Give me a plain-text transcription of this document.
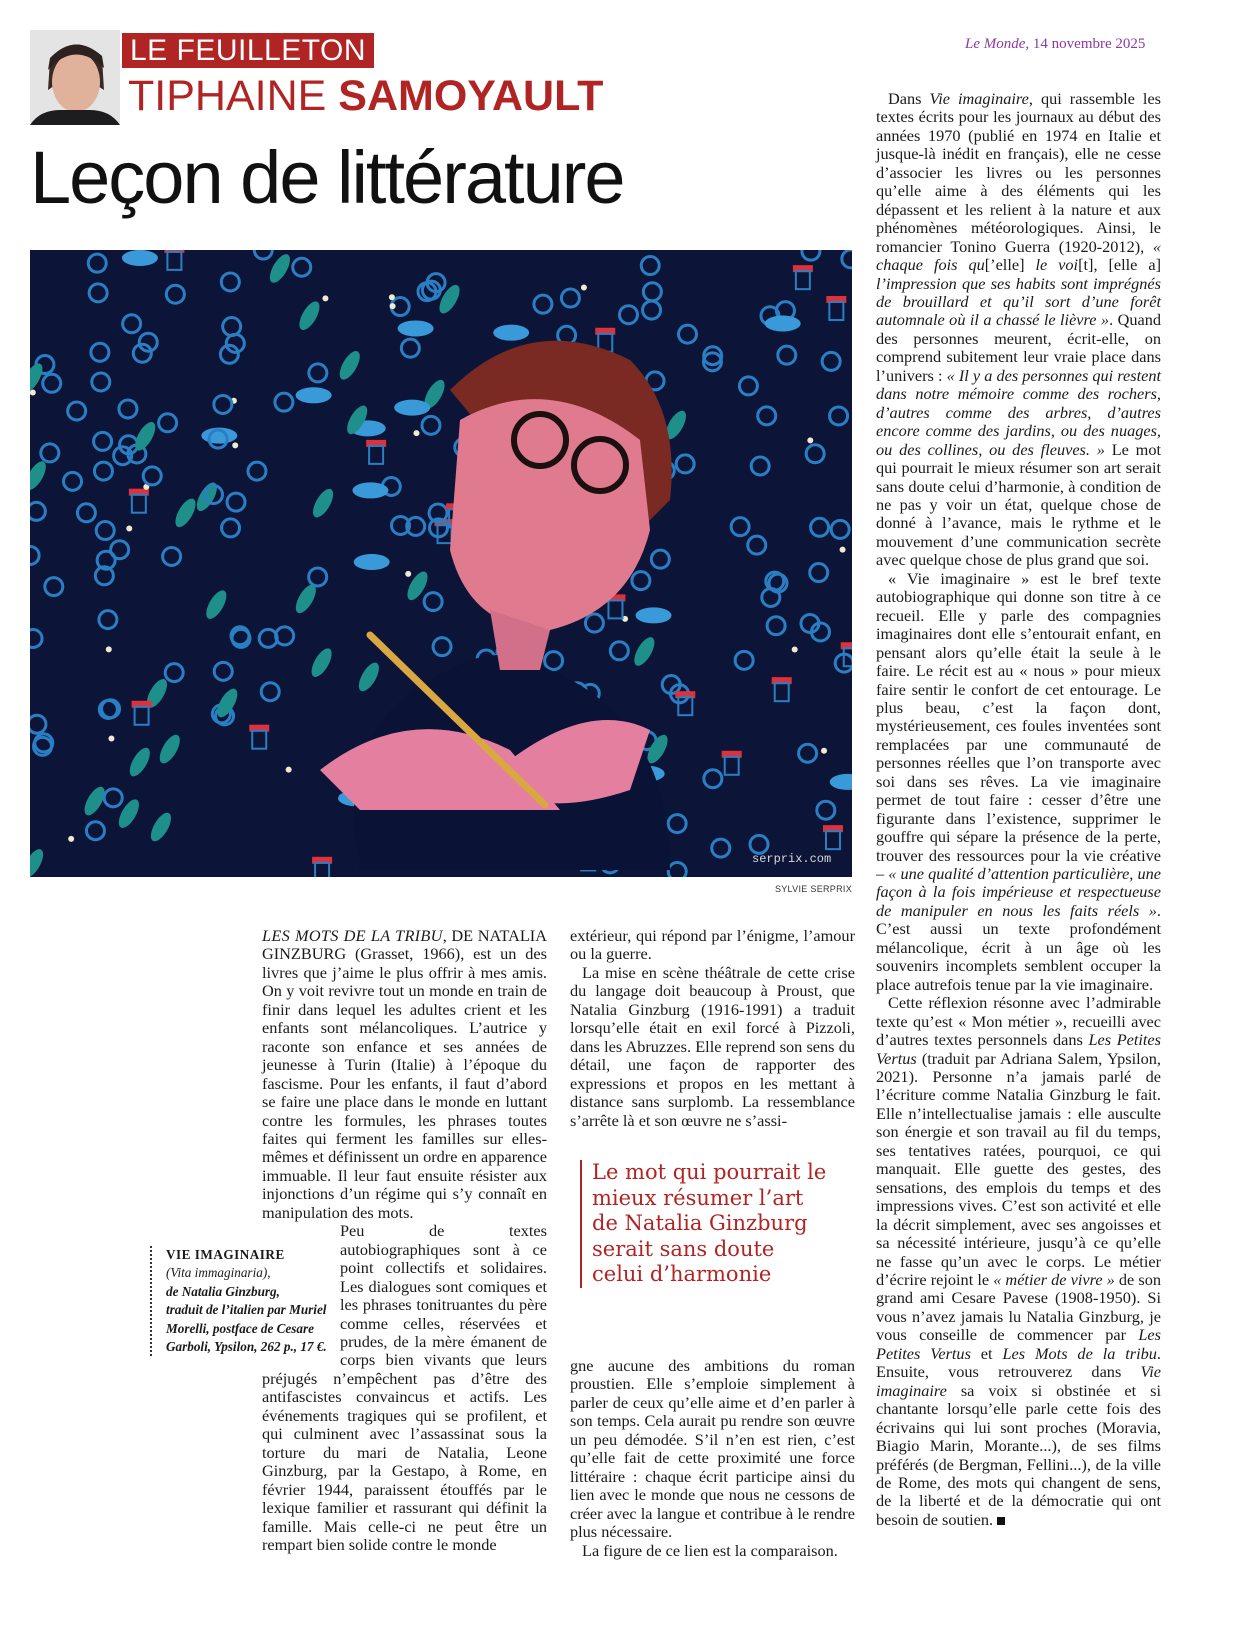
LE FEUILLETON
TIPHAINE SAMOYAULT
Le Monde, 14 novembre 2025
Leçon de littérature
serprix.com
SYLVIE SERPRIX

Dans Vie imaginaire, qui rassemble les textes écrits pour les journaux au début des années 1970 (publié en 1974 en Italie et jusque-là inédit en français), elle ne cesse d’associer les livres ou les personnes qu’elle aime à des éléments qui les dépassent et les relient à la nature et aux phénomènes météorologiques. Ainsi, le romancier Tonino Guerra (1920-2012), « chaque fois qu[’elle] le voi[t], [elle a] l’impression que ses habits sont imprégnés de brouillard et qu’il sort d’une forêt automnale où il a chassé le lièvre ». Quand des personnes meurent, écrit-elle, on comprend subitement leur vraie place dans l’univers : « Il y a des personnes qui restent dans notre mémoire comme des rochers, d’autres comme des arbres, d’autres encore comme des jardins, ou des nuages, ou des collines, ou des fleuves. » Le mot qui pourrait le mieux résumer son art serait sans doute celui d’harmonie, à condition de ne pas y voir un état, quelque chose de donné à l’avance, mais le rythme et le mouvement d’une communication secrète avec quelque chose de plus grand que soi.

« Vie imaginaire » est le bref texte autobiographique qui donne son titre à ce recueil. Elle y parle des compagnies imaginaires dont elle s’entourait enfant, en pensant alors qu’elle était la seule à le faire. Le récit est au « nous » pour mieux faire sentir le confort de cet entourage. Le plus beau, c’est la façon dont, mystérieusement, ces foules inventées sont remplacées par une communauté de personnes réelles que l’on transporte avec soi dans ses rêves. La vie imaginaire permet de tout faire : cesser d’être une figurante dans l’existence, supprimer le gouffre qui sépare la présence de la perte, trouver des ressources pour la vie créative – « une qualité d’attention particulière, une façon à la fois impérieuse et respectueuse de manipuler en nous les faits réels ». C’est aussi un texte profondément mélancolique, écrit à un âge où les souvenirs incomplets semblent occuper la place autrefois tenue par la vie imaginaire.

Cette réflexion résonne avec l’admirable texte qu’est « Mon métier », recueilli avec d’autres textes personnels dans Les Petites Vertus (traduit par Adriana Salem, Ypsilon, 2021). Personne n’a jamais parlé de l’écriture comme Natalia Ginzburg le fait. Elle n’intellectualise jamais : elle ausculte son énergie et son travail au fil du temps, ses tentatives ratées, pourquoi, ce qui manquait. Elle guette des gestes, des sensations, des emplois du temps et des impressions vives. C’est son activité et elle la décrit simplement, avec ses angoisses et sa nécessité intérieure, jusqu’à ce qu’elle ne fasse qu’un avec le corps. Le métier d’écrire rejoint le « métier de vivre » de son grand ami Cesare Pavese (1908-1950). Si vous n’avez jamais lu Natalia Ginzburg, je vous conseille de commencer par Les Petites Vertus et Les Mots de la tribu. Ensuite, vous retrouverez dans Vie imaginaire sa voix si obstinée et si chantante lorsqu’elle parle cette fois des écrivains qui lui sont proches (Moravia, Biagio Marin, Morante...), de ses films préférés (de Bergman, Fellini...), de la ville de Rome, des mots qui changent de sens, de la liberté et de la démocratie qui ont besoin de soutien.

LES MOTS DE LA TRIBU, DE NATALIA GINZBURG (Grasset, 1966), est un des livres que j’aime le plus offrir à mes amis. On y voit revivre tout un monde en train de finir dans lequel les adultes crient et les enfants sont mélancoliques. L’autrice y raconte son enfance et ses années de jeunesse à Turin (Italie) à l’époque du fascisme. Pour les enfants, il faut d’abord se faire une place dans le monde en luttant contre les formules, les phrases toutes faites qui ferment les familles sur elles-mêmes et définissent un ordre en apparence immuable. Il leur faut ensuite résister aux injonctions d’un régime qui s’y connaît en manipulation des mots.

Peu de textes autobiographiques sont à ce point collectifs et solidaires. Les dialogues sont comiques et les phrases tonitruantes du père comme celles, réservées et prudes, de la mère émanent de corps bien vivants que leurs préjugés n’empêchent pas d’être des antifascistes convaincus et actifs. Les événements tragiques qui se profilent, et qui culminent avec l’assassinat sous la torture du mari de Natalia, Leone Ginzburg, par la Gestapo, à Rome, en février 1944, paraissent étouffés par le lexique familier et rassurant qui définit la famille. Mais celle-ci ne peut être un rempart bien solide contre le monde

extérieur, qui répond par l’énigme, l’amour ou la guerre.

La mise en scène théâtrale de cette crise du langage doit beaucoup à Proust, que Natalia Ginzburg (1916-1991) a traduit lorsqu’elle était en exil forcé à Pizzoli, dans les Abruzzes. Elle reprend son sens du détail, une façon de rapporter des expressions et propos en les mettant à distance sans surplomb. La ressemblance s’arrête là et son œuvre ne s’assi-

gne aucune des ambitions du roman proustien. Elle s’emploie simplement à parler de ceux qu’elle aime et d’en parler à son temps. Cela aurait pu rendre son œuvre un peu démodée. S’il n’en est rien, c’est qu’elle fait de cette proximité une force littéraire : chaque écrit participe ainsi du lien avec le monde que nous ne cessons de créer avec la langue et contribue à le rendre plus nécessaire.

La figure de ce lien est la comparaison.

VIE IMAGINAIRE
(Vita immaginaria),
de Natalia Ginzburg,
traduit de l’italien par Muriel Morelli, postface de Cesare Garboli, Ypsilon, 262 p., 17 €.
Le mot qui pourrait le mieux résumer l’art de Natalia Ginzburg serait sans doute celui d’harmonie
